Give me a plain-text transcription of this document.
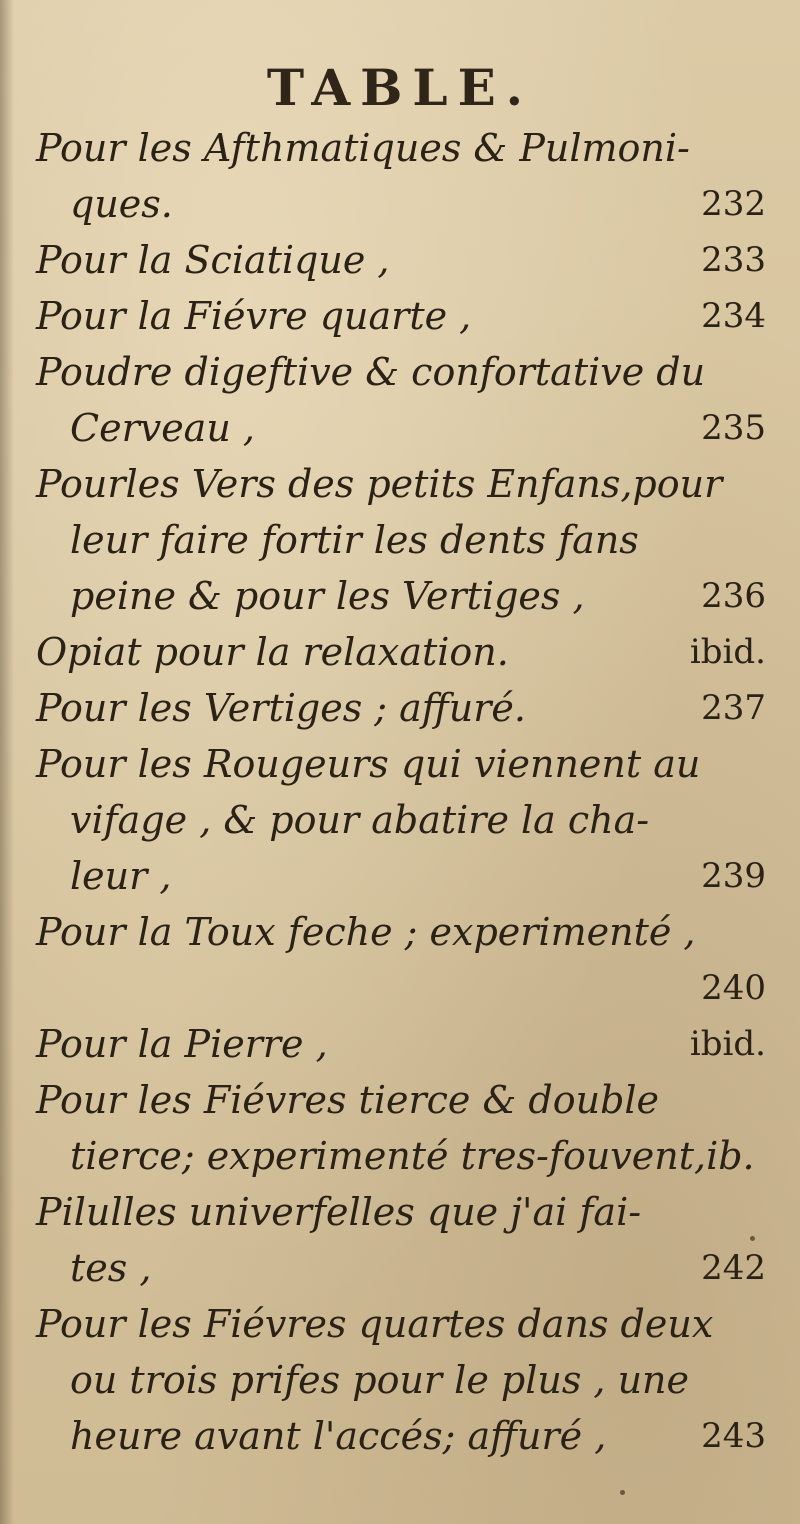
TABLE.
Pour les Afthmatiques & Pulmoni-
ques.	232
Pour la Sciatique ,	233
Pour la Fiévre quarte ,	234
Poudre digeftive & confortative du
Cerveau ,	235
Pourles Vers des petits Enfans,pour
leur faire fortir les dents fans
peine & pour les Vertiges ,	236
Opiat pour la relaxation.	ibid.
Pour les Vertiges ; affuré.	237
Pour les Rougeurs qui viennent au
vifage , & pour abatire la cha-
leur ,	239
Pour la Toux feche ; experimenté ,
240
Pour la Pierre ,	ibid.
Pour les Fiévres tierce & double
tierce; experimenté tres-fouvent,ib.
Pilulles univerfelles que j'ai fai-
tes ,	242
Pour les Fiévres quartes dans deux
ou trois prifes pour le plus , une
heure avant l'accés; affuré ,	243
